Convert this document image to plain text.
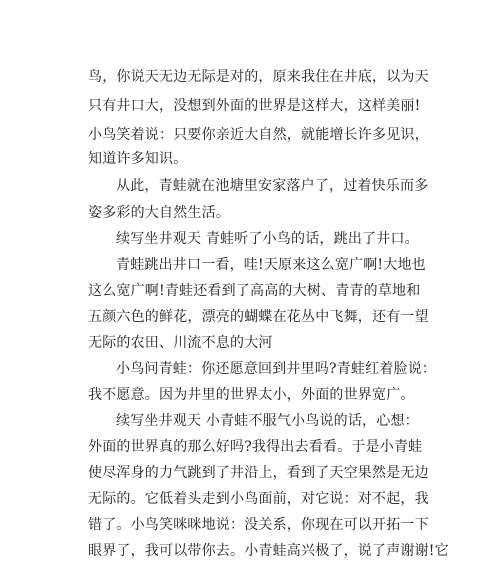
鸟，你说天无边无际是对的，原来我住在井底，以为天
只有井口大，没想到外面的世界是这样大，这样美丽!
小鸟笑着说：只要你亲近大自然，就能增长许多见识，
知道许多知识。
从此，青蛙就在池塘里安家落户了，过着快乐而多
姿多彩的大自然生活。
续写坐井观天 青蛙听了小鸟的话，跳出了井口。
青蛙跳出井口一看，哇!天原来这么宽广啊!大地也
这么宽广啊!青蛙还看到了高高的大树、青青的草地和
五颜六色的鲜花，漂亮的蝴蝶在花丛中飞舞，还有一望
无际的农田、川流不息的大河
小鸟问青蛙：你还愿意回到井里吗?青蛙红着脸说：
我不愿意。因为井里的世界太小，外面的世界宽广。
续写坐井观天 小青蛙不服气小鸟说的话，心想：
外面的世界真的那么好吗?我得出去看看。于是小青蛙
使尽浑身的力气跳到了井沿上，看到了天空果然是无边
无际的。它低着头走到小鸟面前，对它说：对不起，我
错了。小鸟笑咪咪地说：没关系，你现在可以开拓一下
眼界了，我可以带你去。小青蛙高兴极了，说了声谢谢!它
